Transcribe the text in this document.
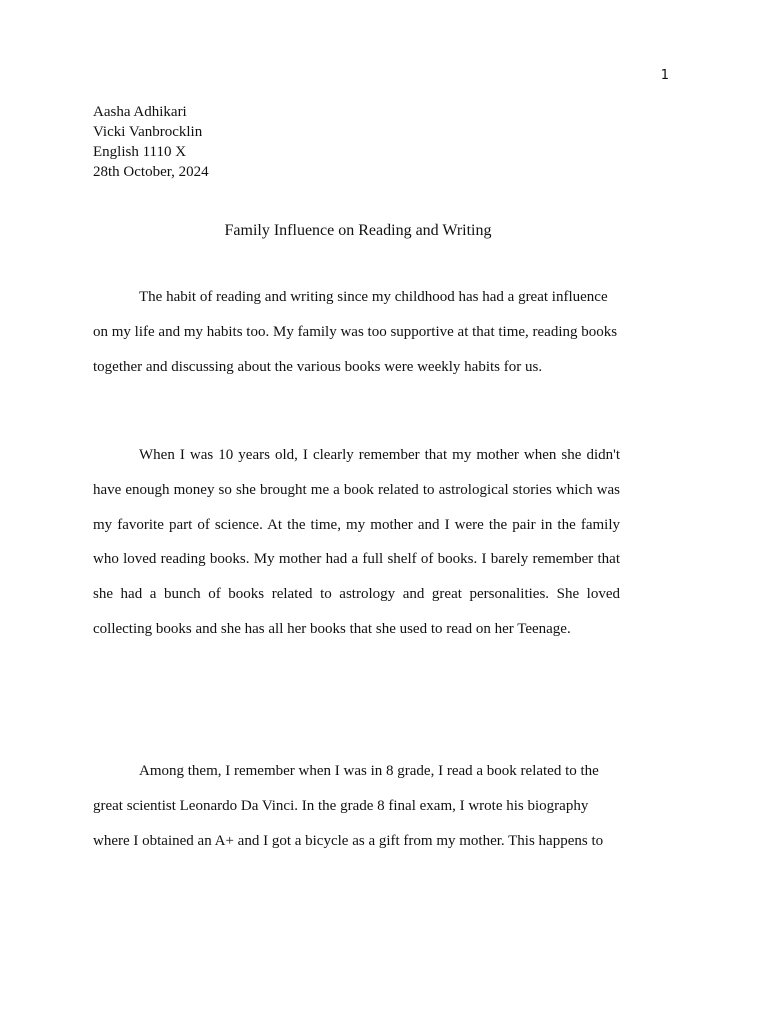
1
Aasha Adhikari
Vicki Vanbrocklin
English 1110 X
28th October, 2024
Family Influence on Reading and Writing

The habit of reading and writing since my childhood has had a great influence on my life and my habits too. My family was too supportive at that time, reading books together and discussing about the various books were weekly habits for us.

When I was 10 years old, I clearly remember that my mother when she didn't have enough money so she brought me a book related to astrological stories which was my favorite part of science. At the time, my mother and I were the pair in the family who loved reading books. My mother had a full shelf of books. I barely remember that she had a bunch of books related to astrology and great personalities. She loved collecting books and she has all her books that she used to read on her Teenage.

Among them, I remember when I was in 8 grade, I read a book related to the great scientist Leonardo Da Vinci. In the grade 8 final exam, I wrote his biography where I obtained an A+ and I got a bicycle as a gift from my mother. This happens to
